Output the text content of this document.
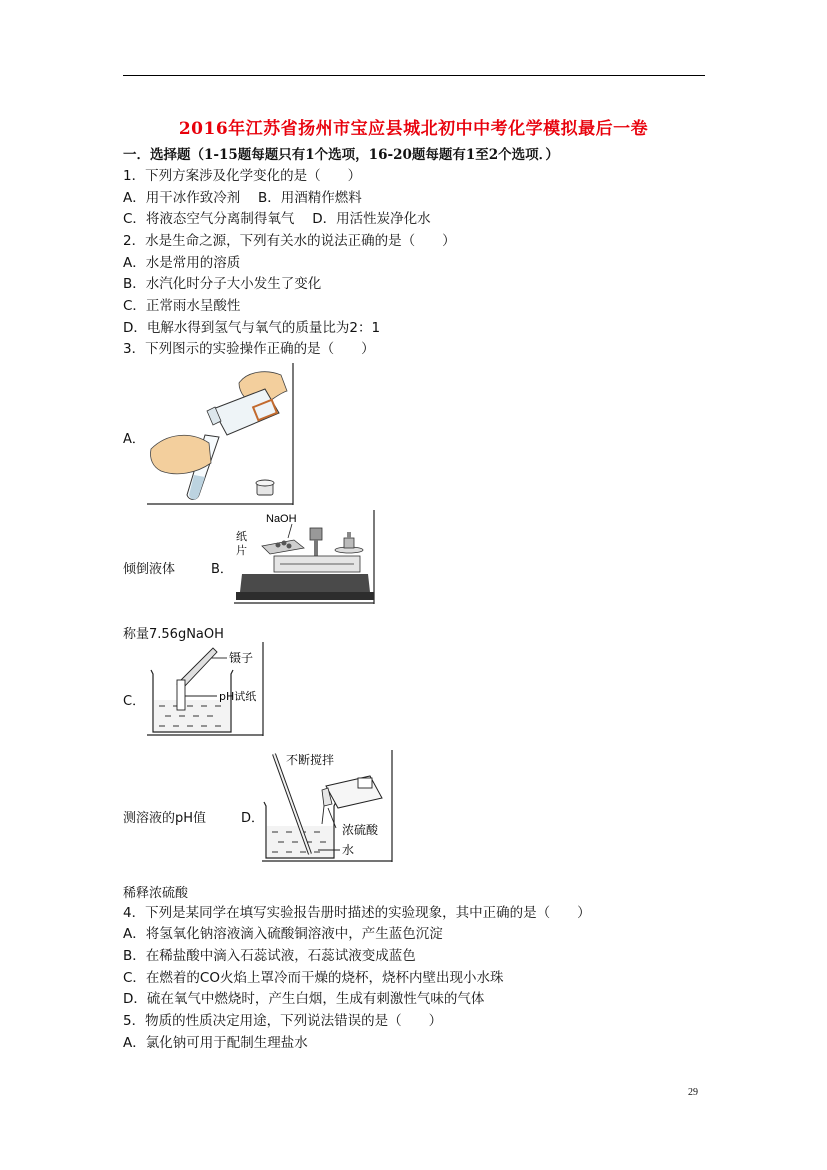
2016年江苏省扬州市宝应县城北初中中考化学模拟最后一卷
一．选择题（1-15题每题只有1个选项，16-20题每题有1至2个选项．）
1．下列方案涉及化学变化的是（　　）
A．用干冰作致冷剂　 B．用酒精作燃料
C．将液态空气分离制得氧气　 D．用活性炭净化水
2．水是生命之源，下列有关水的说法正确的是（　　）
A．水是常用的溶质
B．水汽化时分子大小发生了变化
C．正常雨水呈酸性
D．电解水得到氢气与氧气的质量比为2：1
3．下列图示的实验操作正确的是（　　）
A．
倾倒液体	B．
NaOH
纸
片
称量7.56gNaOH
C．
镊子
pH试纸
测溶液的pH值	D．
不断搅拌
浓硫酸
水
稀释浓硫酸
4．下列是某同学在填写实验报告册时描述的实验现象，其中正确的是（　　）
A．将氢氧化钠溶液滴入硫酸铜溶液中，产生蓝色沉淀
B．在稀盐酸中滴入石蕊试液，石蕊试液变成蓝色
C．在燃着的CO火焰上罩冷而干燥的烧杯，烧杯内壁出现小水珠
D．硫在氧气中燃烧时，产生白烟，生成有刺激性气味的气体
5．物质的性质决定用途，下列说法错误的是（　　）
A．氯化钠可用于配制生理盐水
29
